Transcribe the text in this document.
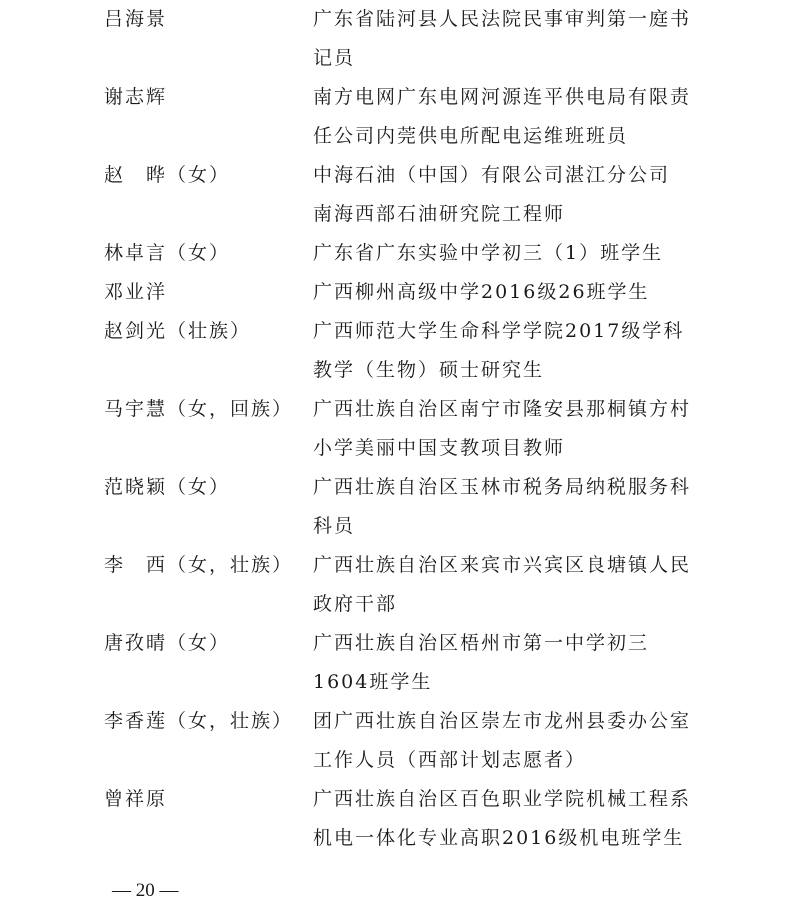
吕海景	广东省陆河县人民法院民事审判第一庭书
记员
谢志辉	南方电网广东电网河源连平供电局有限责
任公司内莞供电所配电运维班班员
赵　晔（女）	中海石油（中国）有限公司湛江分公司
南海西部石油研究院工程师
林卓言（女）	广东省广东实验中学初三（1）班学生
邓业洋	广西柳州高级中学2016级26班学生
赵剑光（壮族）	广西师范大学生命科学学院2017级学科
教学（生物）硕士研究生
马宇慧（女，回族） 广西壮族自治区南宁市隆安县那桐镇方村
小学美丽中国支教项目教师
范晓颖（女）	广西壮族自治区玉林市税务局纳税服务科
科员
李　西（女，壮族） 广西壮族自治区来宾市兴宾区良塘镇人民
政府干部
唐孜晴（女）	广西壮族自治区梧州市第一中学初三
1604班学生
李香莲（女，壮族） 团广西壮族自治区崇左市龙州县委办公室
工作人员（西部计划志愿者）
曾祥原	广西壮族自治区百色职业学院机械工程系
机电一体化专业高职2016级机电班学生
— 20 —
